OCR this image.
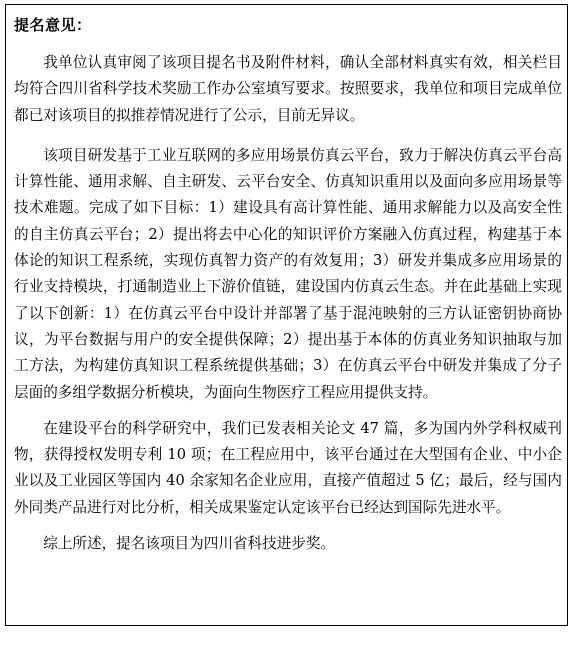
提名意见：

我单位认真审阅了该项目提名书及附件材料，确认全部材料真实有效，相关栏目均符合四川省科学技术奖励工作办公室填写要求。按照要求，我单位和项目完成单位都已对该项目的拟推荐情况进行了公示，目前无异议。

该项目研发基于工业互联网的多应用场景仿真云平台，致力于解决仿真云平台高计算性能、通用求解、自主研发、云平台安全、仿真知识重用以及面向多应用场景等技术难题。完成了如下目标：1）建设具有高计算性能、通用求解能力以及高安全性的自主仿真云平台；2）提出将去中心化的知识评价方案融入仿真过程，构建基于本体论的知识工程系统，实现仿真智力资产的有效复用；3）研发并集成多应用场景的行业支持模块，打通制造业上下游价值链，建设国内仿真云生态。并在此基础上实现了以下创新：1）在仿真云平台中设计并部署了基于混沌映射的三方认证密钥协商协议，为平台数据与用户的安全提供保障；2）提出基于本体的仿真业务知识抽取与加工方法，为构建仿真知识工程系统提供基础；3）在仿真云平台中研发并集成了分子层面的多组学数据分析模块，为面向生物医疗工程应用提供支持。

在建设平台的科学研究中，我们已发表相关论文 47 篇，多为国内外学科权威刊物，获得授权发明专利 10 项；在工程应用中，该平台通过在大型国有企业、中小企业以及工业园区等国内 40 余家知名企业应用，直接产值超过 5 亿；最后，经与国内外同类产品进行对比分析，相关成果鉴定认定该平台已经达到国际先进水平。

综上所述，提名该项目为四川省科技进步奖。
